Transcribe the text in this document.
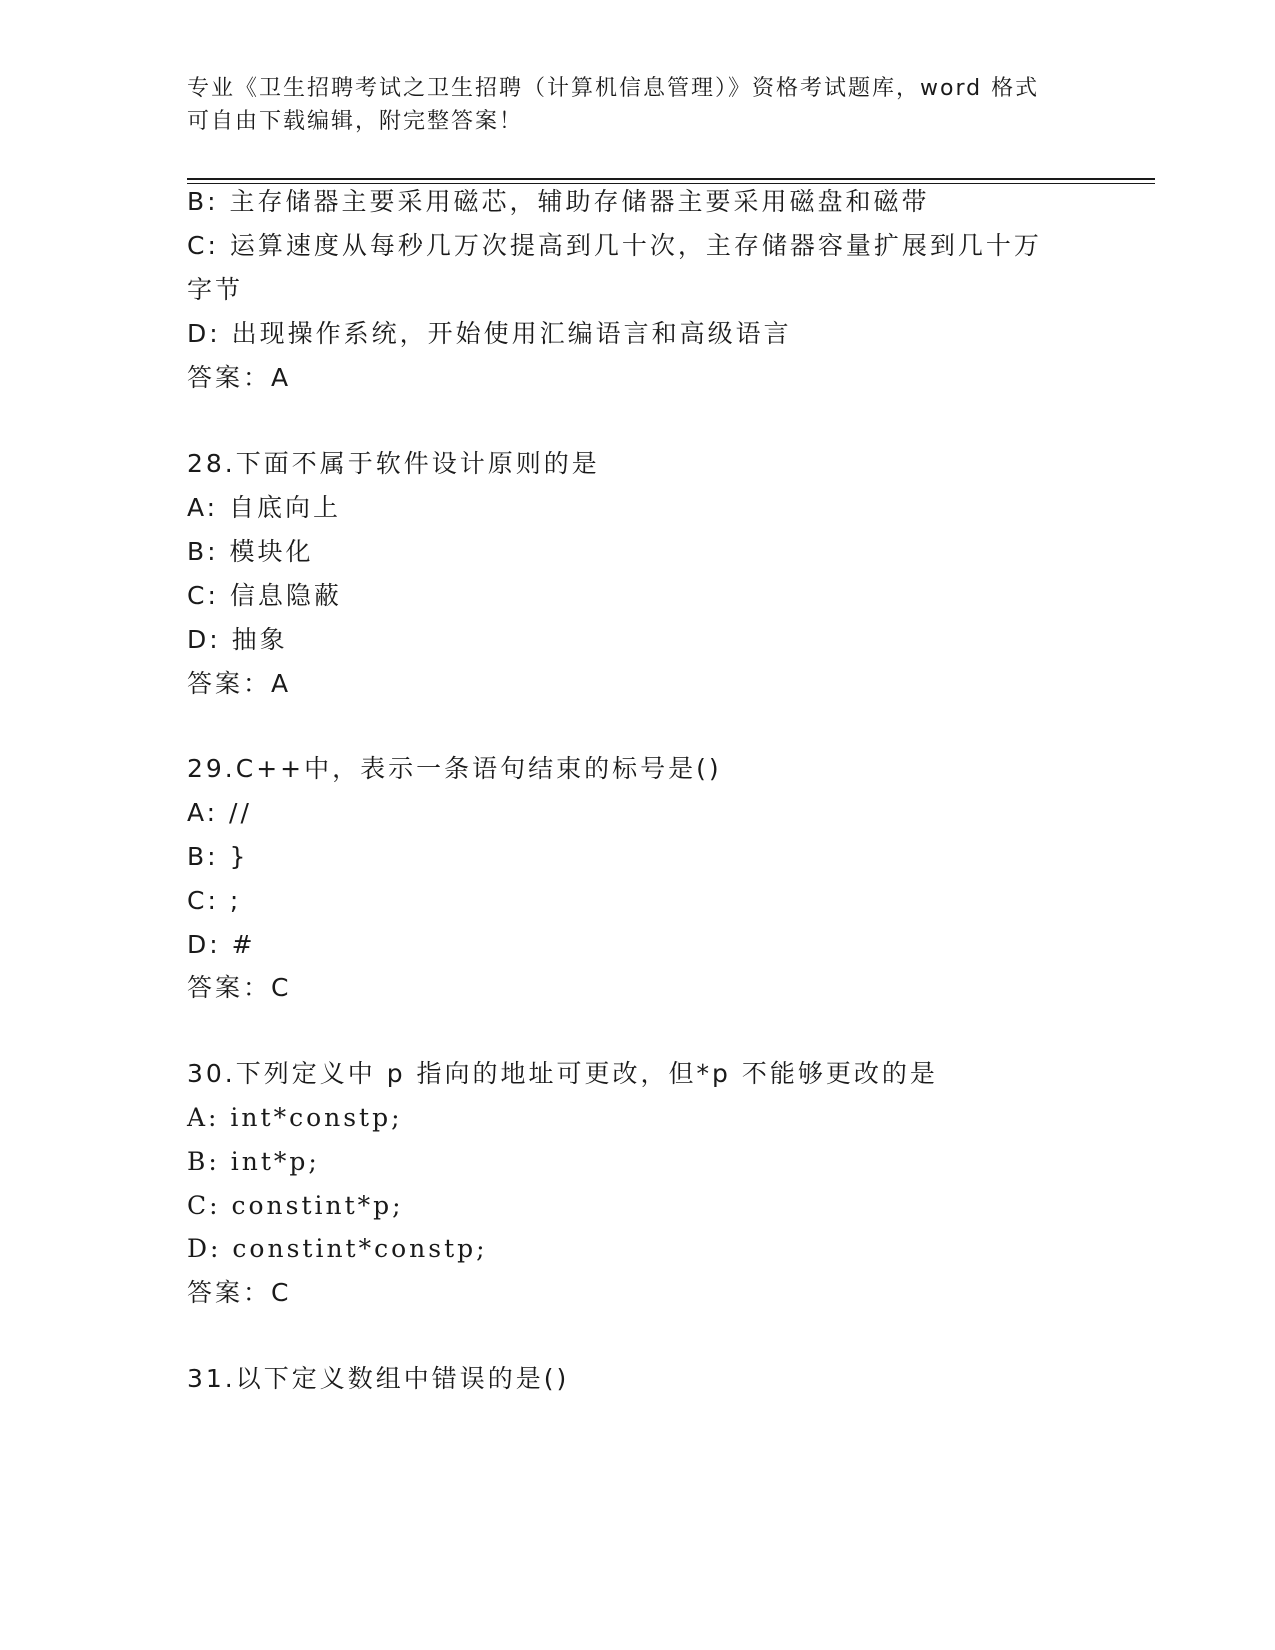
专业《卫生招聘考试之卫生招聘（计算机信息管理）》资格考试题库，word 格式
可自由下载编辑，附完整答案！
B: 主存储器主要采用磁芯，辅助存储器主要采用磁盘和磁带
C: 运算速度从每秒几万次提高到几十次，主存储器容量扩展到几十万
字节
D: 出现操作系统，开始使用汇编语言和高级语言
答案：A
28.下面不属于软件设计原则的是
A: 自底向上
B: 模块化
C: 信息隐蔽
D: 抽象
答案：A
29.C++中，表示一条语句结束的标号是()
A: //
B: }
C: ;
D: #
答案：C
30.下列定义中 p 指向的地址可更改，但*p 不能够更改的是
A: int*constp;
B: int*p;
C: constint*p;
D: constint*constp;
答案：C
31.以下定义数组中错误的是()
